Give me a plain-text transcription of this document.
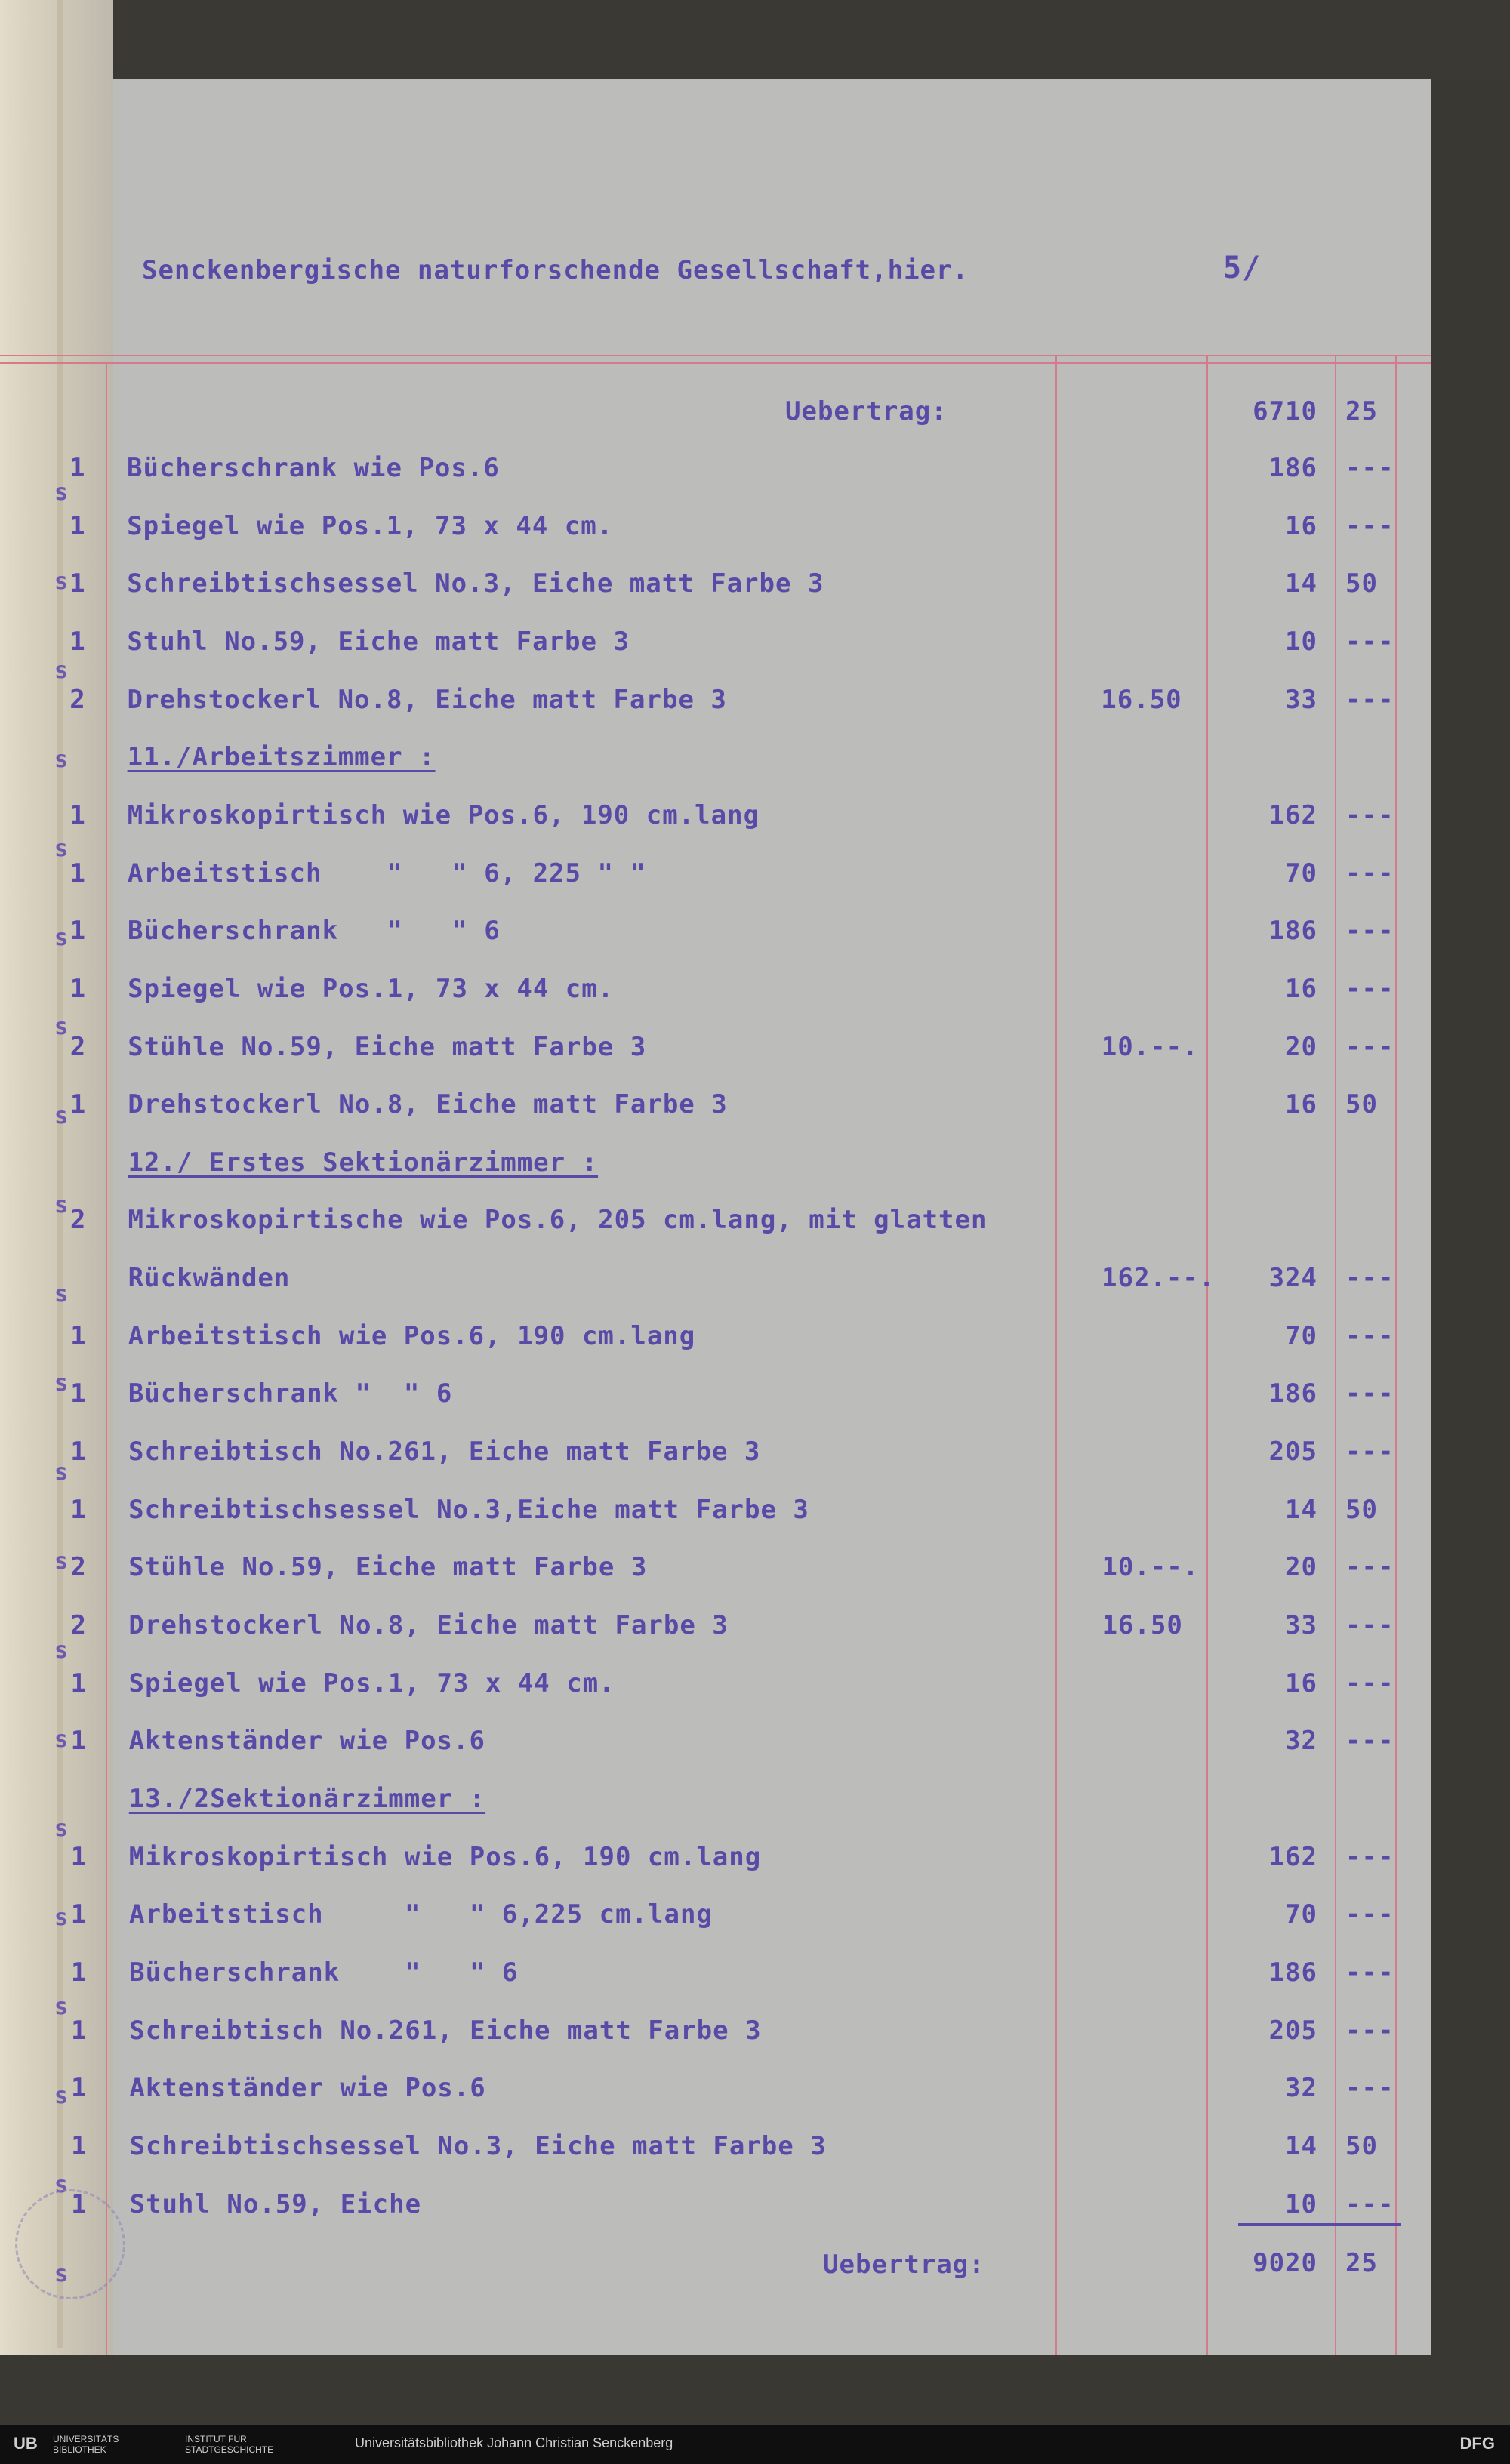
Senckenbergische naturforschende Gesellschaft,hier.	5/
Uebertrag:	6710 25
1 Bücherschrank wie Pos.6	186 ---
1 Spiegel wie Pos.1, 73 x 44 cm.	16 ---
1 Schreibtischsessel No.3, Eiche matt Farbe 3	14 50
1 Stuhl No.59, Eiche matt Farbe 3	10 ---
2 Drehstockerl No.8, Eiche matt Farbe 3	16.50	33 ---
11./Arbeitszimmer :
1 Mikroskopirtisch wie Pos.6, 190 cm.lang	162 ---
1 Arbeitstisch    "   " 6, 225 " "	70 ---
1 Bücherschrank   "   " 6	186 ---
1 Spiegel wie Pos.1, 73 x 44 cm.	16 ---
2 Stühle No.59, Eiche matt Farbe 3	10.--.	20 ---
1 Drehstockerl No.8, Eiche matt Farbe 3	16 50
12./ Erstes Sektionärzimmer :
2 Mikroskopirtische wie Pos.6, 205 cm.lang, mit glatten
Rückwänden	162.--. 324 ---
1 Arbeitstisch wie Pos.6, 190 cm.lang	70 ---
1 Bücherschrank "  " 6	186 ---
1 Schreibtisch No.261, Eiche matt Farbe 3	205 ---
1 Schreibtischsessel No.3,Eiche matt Farbe 3	14 50
2 Stühle No.59, Eiche matt Farbe 3	10.--.	20 ---
2 Drehstockerl No.8, Eiche matt Farbe 3	16.50	33 ---
1 Spiegel wie Pos.1, 73 x 44 cm.	16 ---
1 Aktenständer wie Pos.6	32 ---
13./2Sektionärzimmer :
1 Mikroskopirtisch wie Pos.6, 190 cm.lang	162 ---
1 Arbeitstisch     "   " 6,225 cm.lang	70 ---
1 Bücherschrank    "   " 6	186 ---
1 Schreibtisch No.261, Eiche matt Farbe 3	205 ---
1 Aktenständer wie Pos.6	32 ---
1 Schreibtischsessel No.3, Eiche matt Farbe 3	14 50
1 Stuhl No.59, Eiche	10 ---
Uebertrag:	9020 25
s
s
s
s
s
s
s
s
s
s
s
s
s
s
s
s
s
s
s
s
s
UB UNIVERSITÄTS BIBLIOTHEK
INSTITUT FÜR STADTGESCHICHTE	Universitätsbibliothek Johann Christian Senckenberg	DFG
